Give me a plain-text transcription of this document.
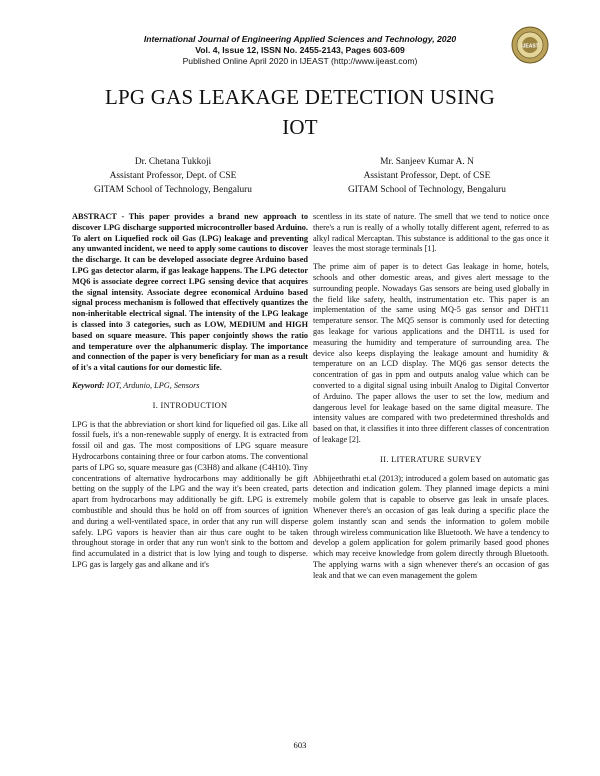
International Journal of Engineering Applied Sciences and Technology, 2020
Vol. 4, Issue 12, ISSN No. 2455-2143, Pages 603-609
Published Online April 2020 in IJEAST (http://www.ijeast.com)
IJEAST
LPG GAS LEAKAGE DETECTION USING
IOT
Dr. Chetana Tukkoji
Assistant Professor, Dept. of CSE
GITAM School of Technology, Bengaluru
Mr. Sanjeev Kumar A. N
Assistant Professor, Dept. of CSE
GITAM School of Technology, Bengaluru

ABSTRACT - This paper provides a brand new approach to discover LPG discharge supported microcontroller based Arduino. To alert on Liquefied rock oil Gas (LPG) leakage and preventing any unwanted incident, we need to apply some cautions to discover the discharge. It can be developed associate degree Arduino based LPG gas detector alarm, if gas leakage happens. The LPG detector MQ6 is associate degree correct LPG sensing device that acquires the signal intensity. Associate degree economical Arduino based signal process mechanism is followed that effectively quantizes the non-inheritable electrical signal. The intensity of the LPG leakage is classed into 3 categories, such as LOW, MEDIUM and HIGH based on square measure. This paper conjointly shows the ratio and temperature over the alphanumeric display. The importance and connection of the paper is very beneficiary for man as a result of it's a vital cautions for our domestic life.

Keyword: IOT, Ardunio, LPG, Sensors

I. INTRODUCTION

LPG is that the abbreviation or short kind for liquefied oil gas. Like all fossil fuels, it's a non-renewable supply of energy. It is extracted from fossil oil and gas. The most compositions of LPG square measure Hydrocarbons containing three or four carbon atoms. The conventional parts of LPG so, square measure gas (C3H8) and alkane (C4H10). Tiny concentrations of alternative hydrocarbons may additionally be gift betting on the supply of the LPG and the way it's been created, parts apart from hydrocarbons may additionally be gift. LPG is extremely combustible and should thus be hold on off from sources of ignition and during a well-ventilated space, in order that any run will disperse safely. LPG vapors is heavier than air thus care ought to be taken throughout storage in order that any run won't sink to the bottom and find accumulated in a district that is low lying and tough to disperse. LPG gas is largely gas and alkane and it's

scentless in its state of nature. The smell that we tend to notice once there's a run is really of a wholly totally different agent, referred to as alkyl radical Mercaptan. This substance is additional to the gas once it leaves the most storage terminals [1].

The prime aim of paper is to detect Gas leakage in home, hotels, schools and other domestic areas, and gives alert message to the surrounding people. Nowadays Gas sensors are being used globally in the field like safety, health, instrumentation etc. This paper is an implementation of the same using MQ-5 gas sensor and DHT11 temperature sensor. The MQ5 sensor is commonly used for detecting gas leakage for various applications and the DHT1L is used for measuring the humidity and temperature of surrounding area. The device also keeps displaying the leakage amount and humidity & temperature on an LCD display. The MQ6 gas sensor detects the concentration of gas in ppm and outputs analog value which can be converted to a digital signal using inbuilt Analog to Digital Convertor of Arduino. The paper allows the user to set the low, medium and dangerous level for leakage based on the same digital measure. The intensity values are compared with two predetermined thresholds and based on that, it classifies it into three different classes of concentration of leakage [2].

II. LITERATURE SURVEY

Abhijeethrathi et.al (2013); introduced a golem based on automatic gas detection and indication golem. They planned image depicts a mini mobile golem that is capable to observe gas leak in unsafe places. Whenever there's an occasion of gas leak during a specific place the golem instantly scan and sends the information to golem mobile through wireless communication like Bluetooth. We have a tendency to develop a golem application for golem primarily based good phones which may receive knowledge from golem directly through Bluetooth. The applying warns with a sign whenever there's an occasion of gas leak and that we can even management the golem

603
